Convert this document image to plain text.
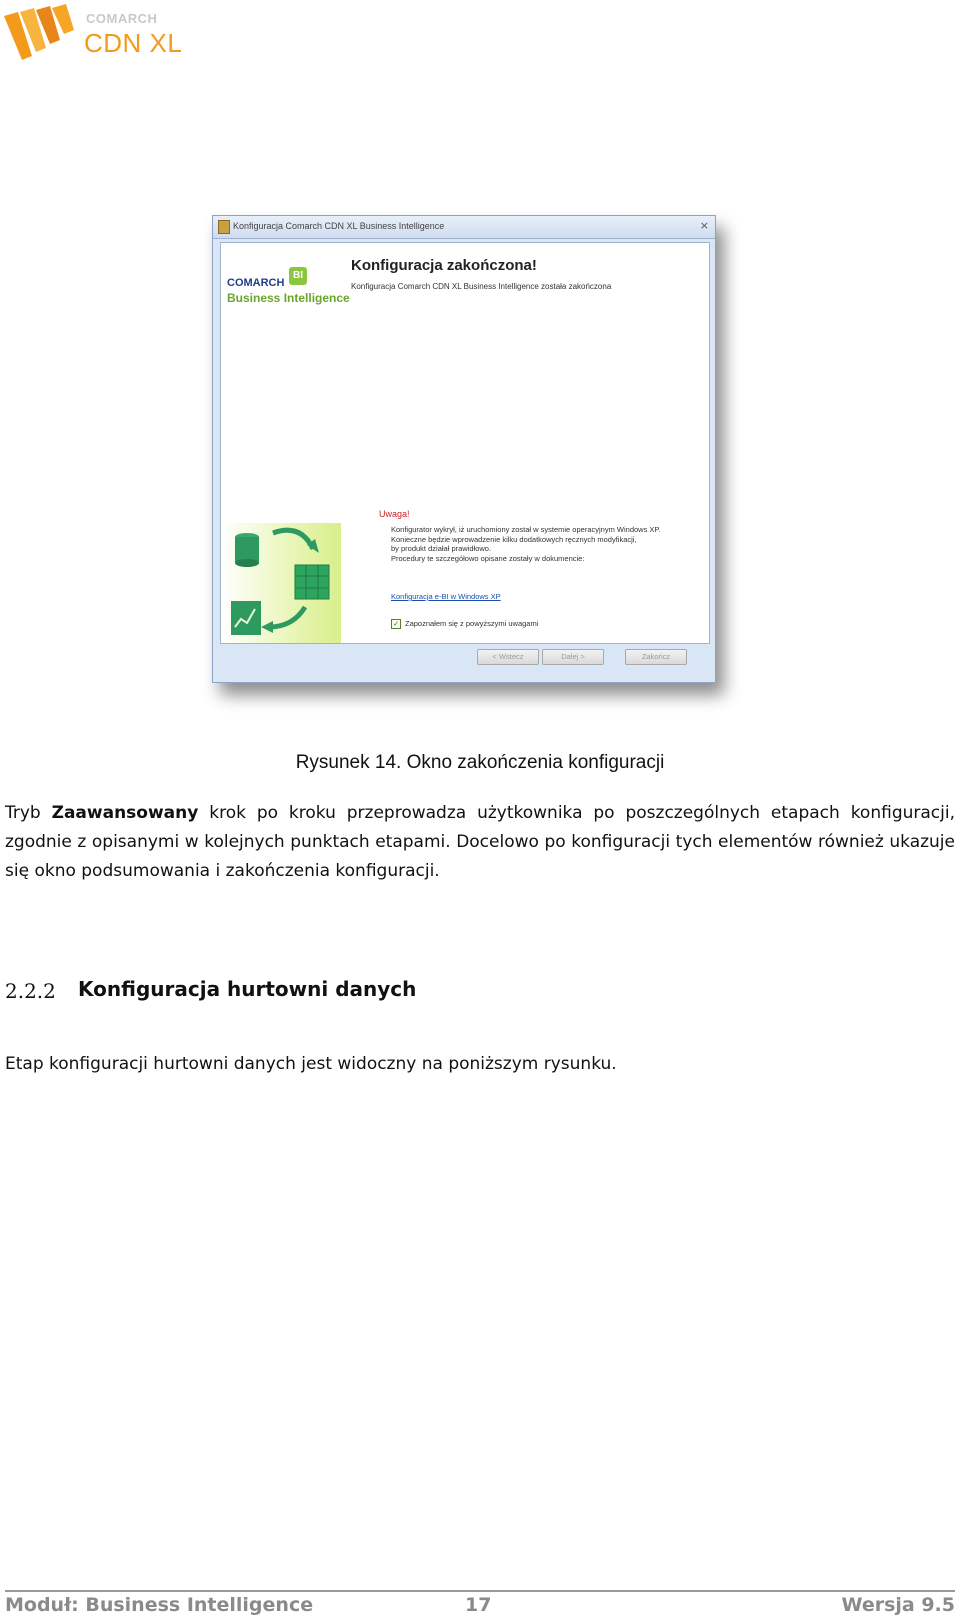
COMARCH
CDN XL
Konfiguracja Comarch CDN XL Business Intelligence	×
COMARCH
BI
Business Intelligence
Konfiguracja zakończona!
Konfiguracja Comarch CDN XL Business Intelligence została zakończona
Uwaga!
Konfigurator wykrył, iż uruchomiony został w systemie operacyjnym Windows XP.
Konieczne będzie wprowadzenie kilku dodatkowych ręcznych modyfikacji,
by produkt działał prawidłowo.
Procedury te szczegółowo opisane zostały w dokumencie:
Konfiguracja e-BI w Windows XP
✓ Zapoznałem się z powyższymi uwagami
< Wstecz	Dalej >	Zakończ
Rysunek 14. Okno zakończenia konfiguracji
Tryb Zaawansowany krok po kroku przeprowadza użytkownika po poszczególnych etapach konfiguracji, zgodnie z opisanymi w kolejnych punktach etapami. Docelowo po konfiguracji tych elementów również ukazuje się okno podsumowania i zakończenia konfiguracji.
2.2.2 Konfiguracja hurtowni danych
Etap konfiguracji hurtowni danych jest widoczny na poniższym rysunku.
Moduł: Business Intelligence	17	Wersja 9.5
